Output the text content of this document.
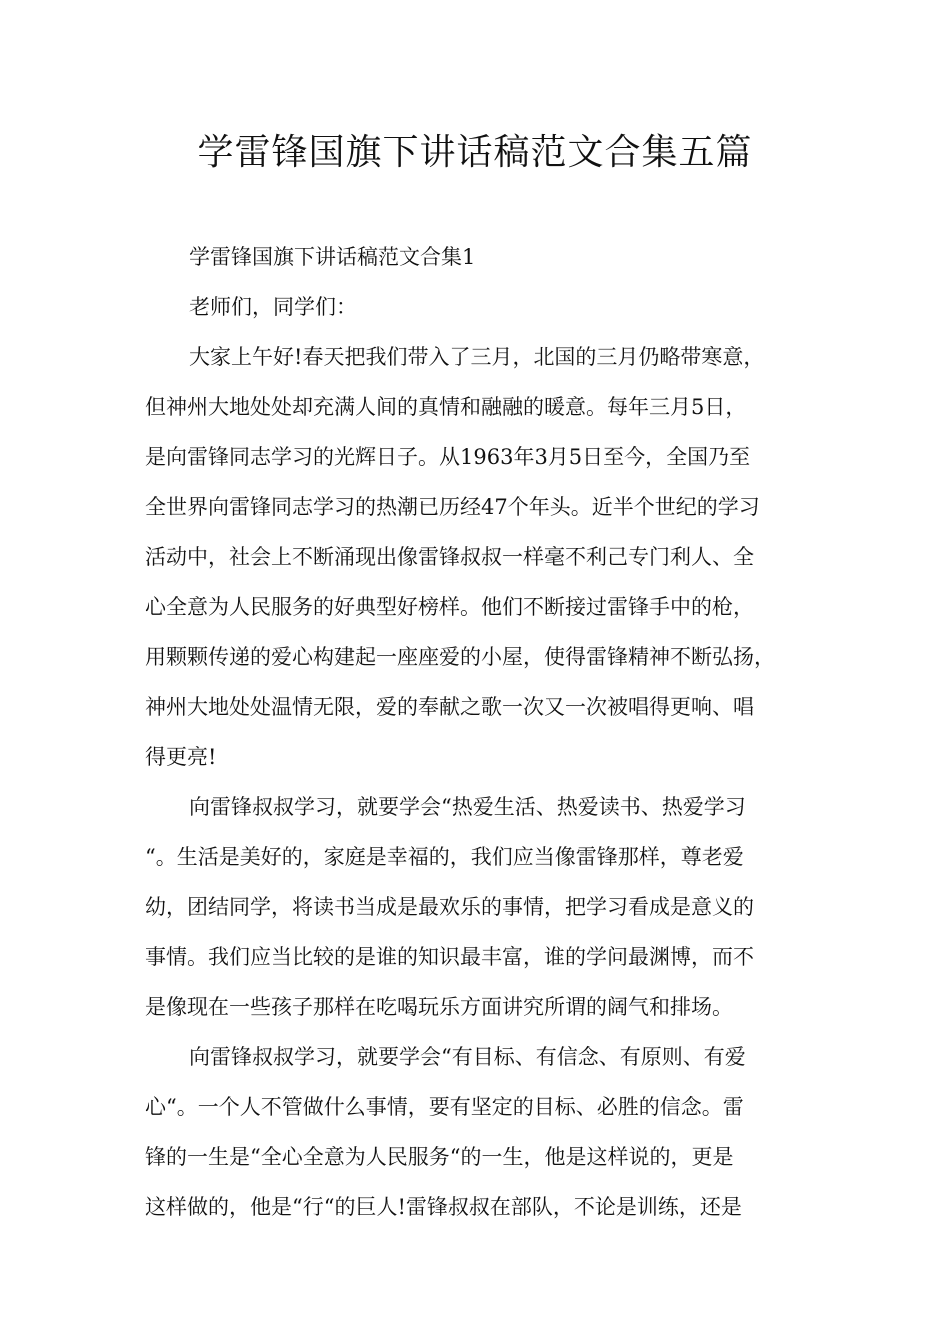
学雷锋国旗下讲话稿范文合集五篇
学雷锋国旗下讲话稿范文合集1
老师们，同学们：
大家上午好!春天把我们带入了三月，北国的三月仍略带寒意，
但神州大地处处却充满人间的真情和融融的暖意。每年三月5日，
是向雷锋同志学习的光辉日子。从1963年3月5日至今，全国乃至
全世界向雷锋同志学习的热潮已历经47个年头。近半个世纪的学习
活动中，社会上不断涌现出像雷锋叔叔一样毫不利己专门利人、全
心全意为人民服务的好典型好榜样。他们不断接过雷锋手中的枪，
用颗颗传递的爱心构建起一座座爱的小屋，使得雷锋精神不断弘扬，
神州大地处处温情无限，爱的奉献之歌一次又一次被唱得更响、唱
得更亮!
向雷锋叔叔学习，就要学会“热爱生活、热爱读书、热爱学习
“。生活是美好的，家庭是幸福的，我们应当像雷锋那样，尊老爱
幼，团结同学，将读书当成是最欢乐的事情，把学习看成是意义的
事情。我们应当比较的是谁的知识最丰富，谁的学问最渊博，而不
是像现在一些孩子那样在吃喝玩乐方面讲究所谓的阔气和排场。
向雷锋叔叔学习，就要学会“有目标、有信念、有原则、有爱
心“。一个人不管做什么事情，要有坚定的目标、必胜的信念。雷
锋的一生是“全心全意为人民服务“的一生，他是这样说的，更是
这样做的，他是“行“的巨人!雷锋叔叔在部队，不论是训练，还是
